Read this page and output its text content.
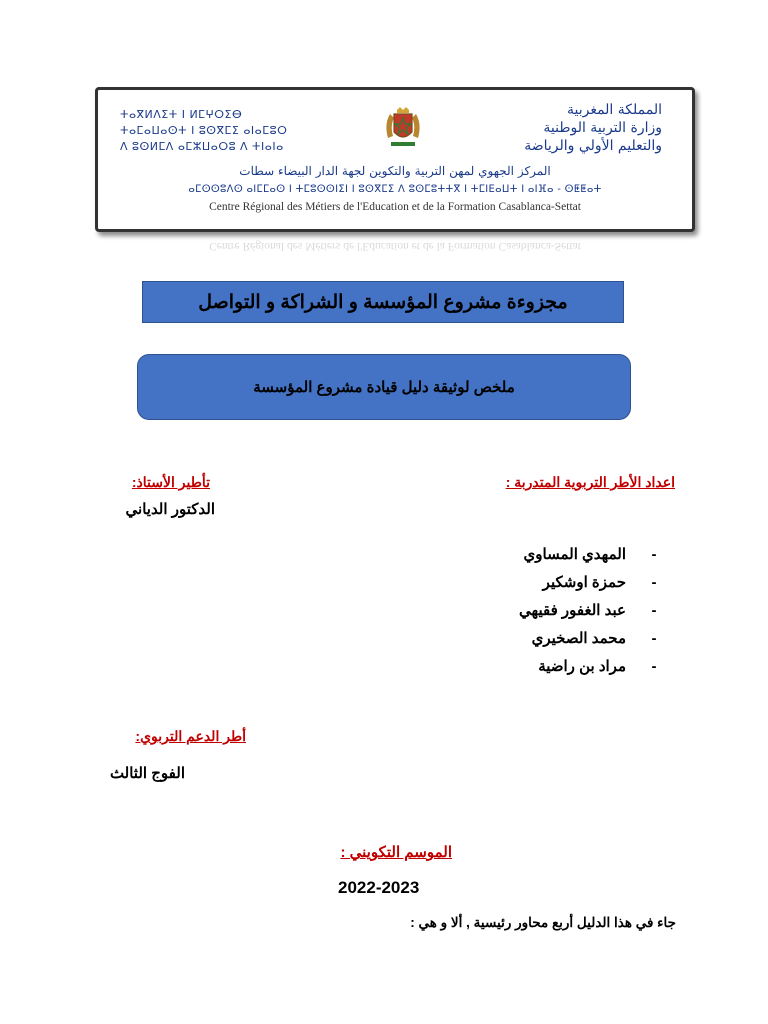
ⵜⴰⴳⵍⴷⵉⵜ ⵏ ⵍⵎⵖⵔⵉⴱ
ⵜⴰⵎⴰⵡⴰⵙⵜ ⵏ ⵓⵙⴳⵎⵉ ⴰⵏⴰⵎⵓⵔ
ⴷ ⵓⵙⵍⵎⴷ ⴰⵎⵣⵡⴰⵔⵓ ⴷ ⵜⵏⴰⵏⴰ
المملكة المغربية
وزارة التربية الوطنية
والتعليم الأولي والرياضة
المركز الجهوي لمهن التربية والتكوين لجهة الدار البيضاء سطات
ⴰⵎⵙⵙⵓⴷⵙ ⴰⵏⵎⵎⴰⵙ ⵏ ⵜⵎⵓⵙⵙⵏⵉⵏ ⵏ ⵓⵙⴳⵎⵉ ⴷ ⵓⵙⵎⵓⵜⵜⴳ ⵏ ⵜⵎⵏⴹⴰⵡⵜ ⵏ ⴰⵏⴼⴰ - ⵙⵟⵟⴰⵜ
Centre Régional des Métiers de l'Education et de la Formation Casablanca-Settat
Centre Régional des Métiers de l'Education et de la Formation Casablanca-Settat
مجزوءة مشروع المؤسسة و الشراكة و التواصل
ملخص لوثيقة دليل قيادة مشروع المؤسسة
اعداد الأطر التربوية المتدربة :
تأطير الأستاذ:
الدكتور الدياني
-
المهدي المساوي
-
حمزة اوشكير
-
عبد الغفور فقيهي
-
محمد الصخيري
-
مراد بن راضية
أطر الدعم التربوي:
الفوج الثالث
الموسم التكويني :
2022-2023
جاء في هذا الدليل أربع محاور رئيسية , ألا و هي :
